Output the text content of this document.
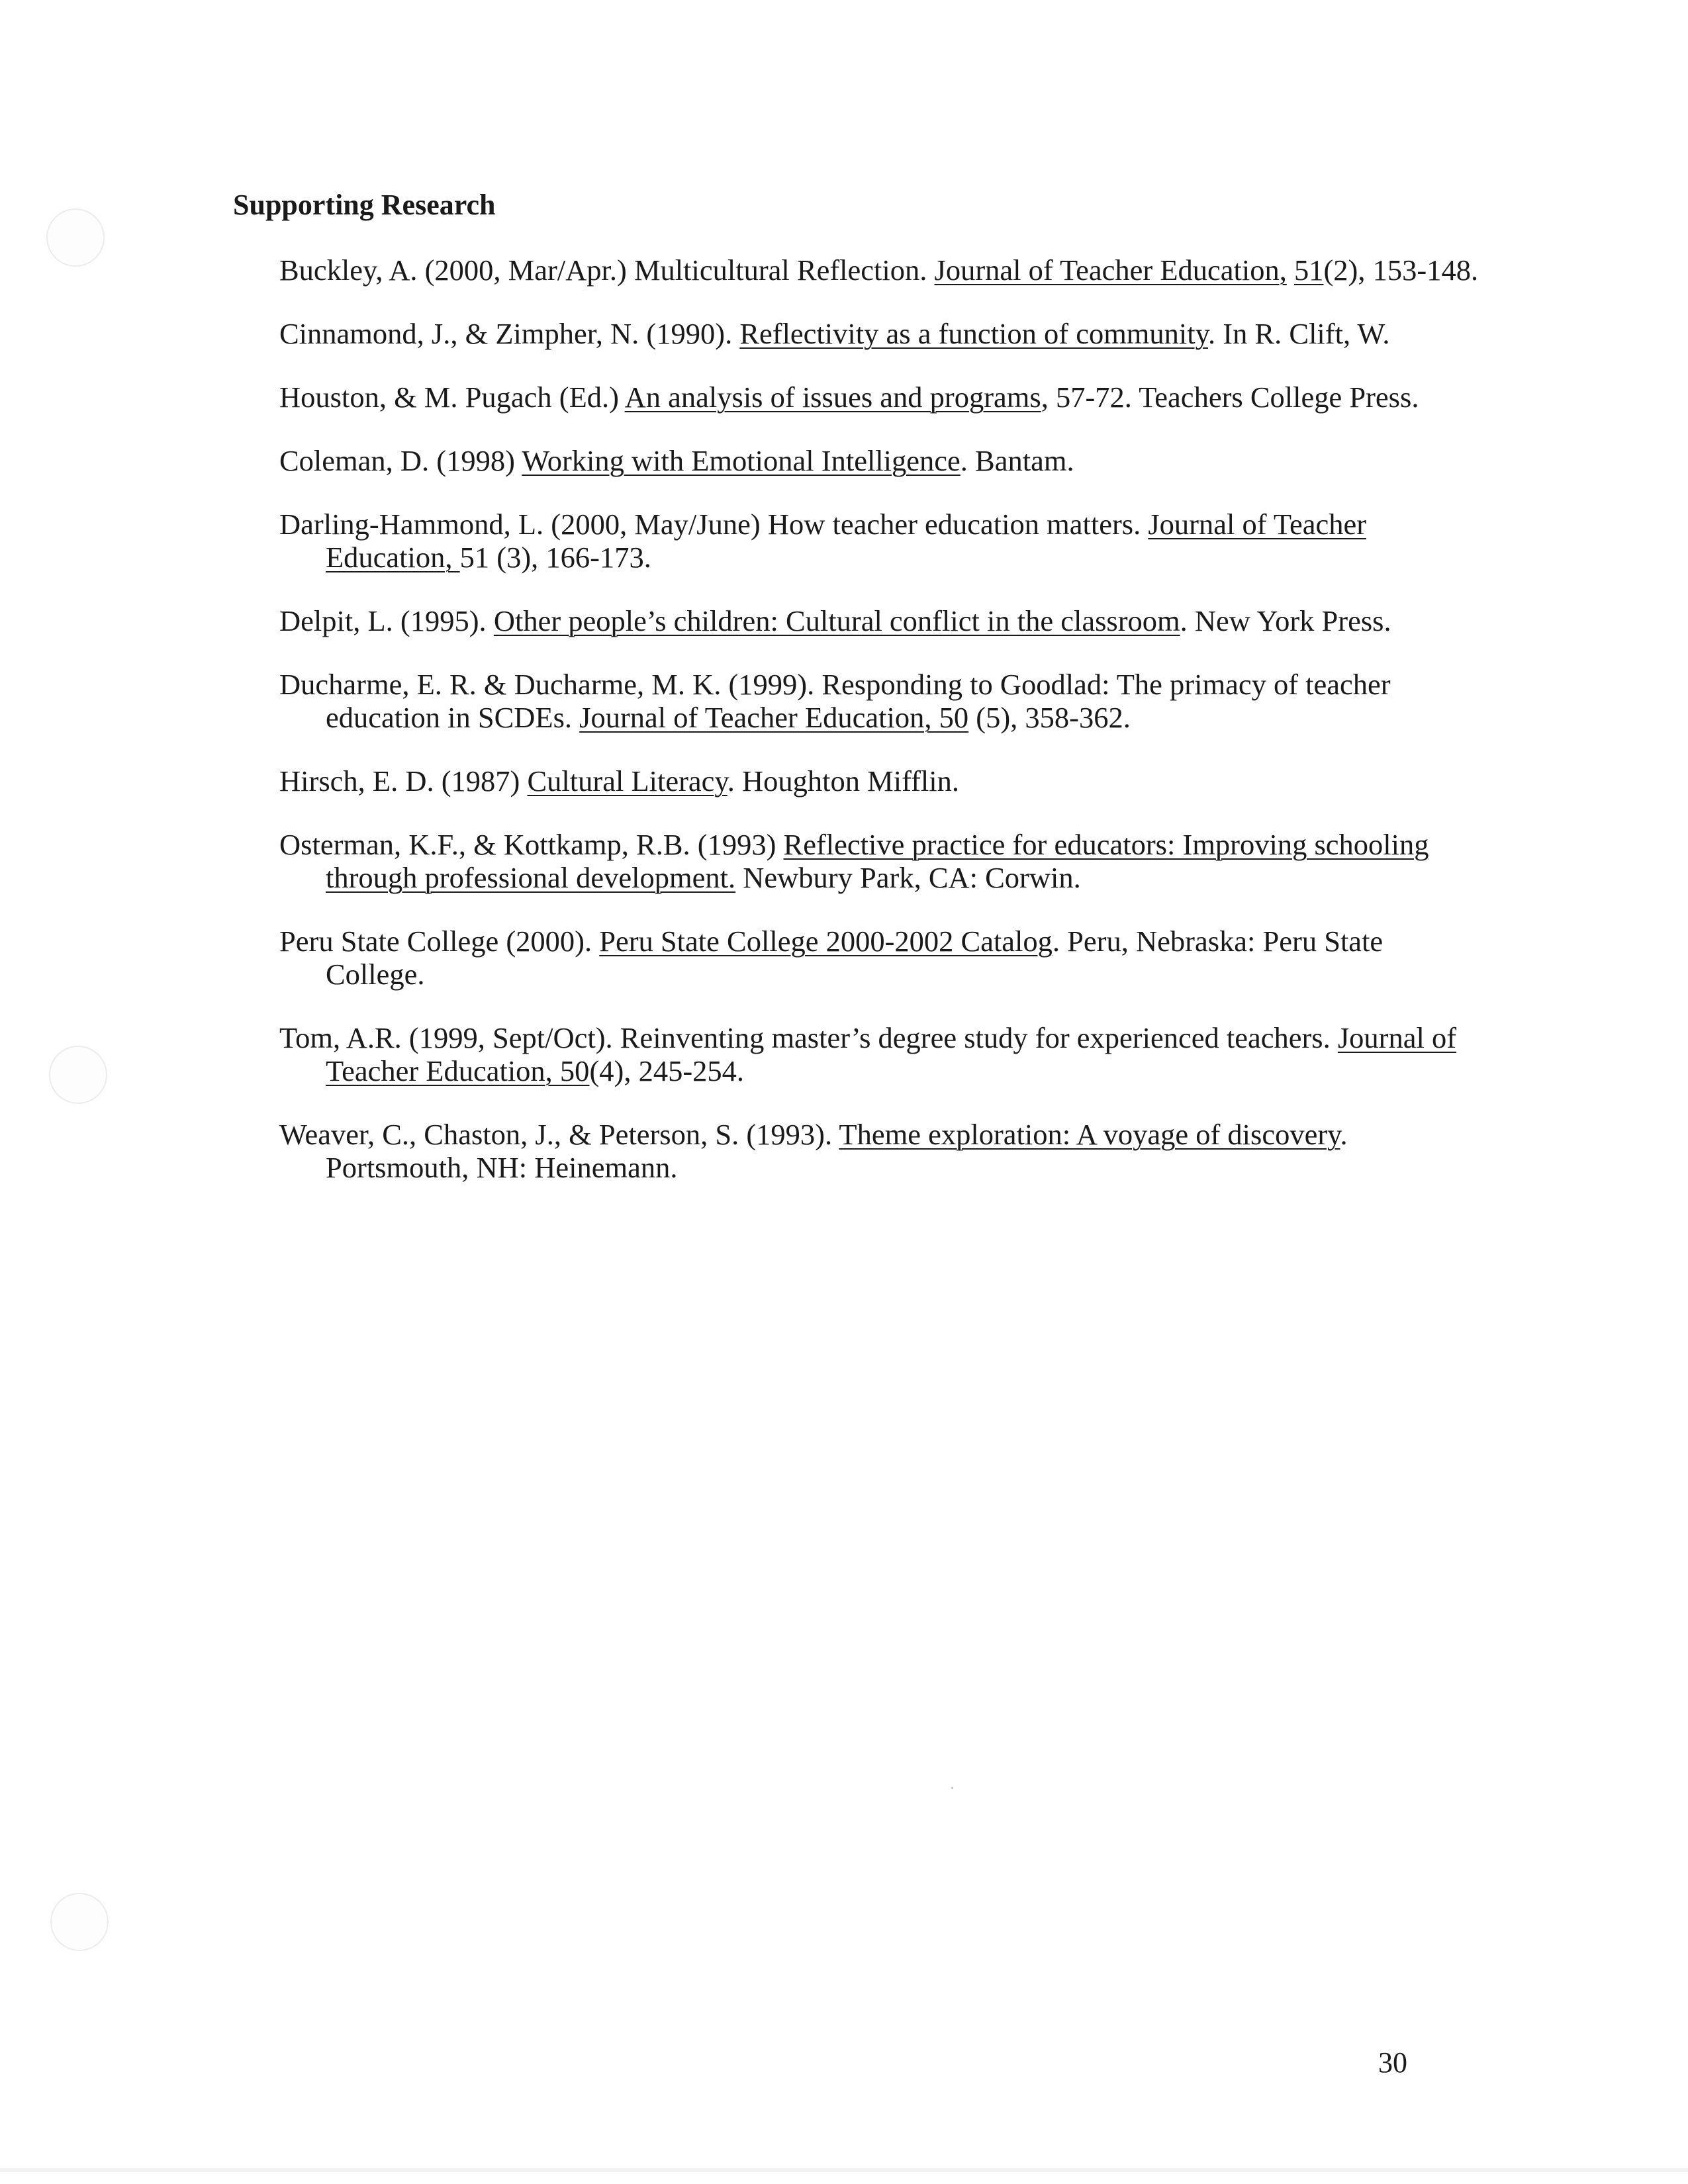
Supporting Research
Buckley, A. (2000, Mar/Apr.) Multicultural Reflection. Journal of Teacher Education, 51(2), 153-148.
Cinnamond, J., & Zimpher, N. (1990). Reflectivity as a function of community. In R. Clift, W.
Houston, & M. Pugach (Ed.) An analysis of issues and programs, 57-72. Teachers College Press.
Coleman, D. (1998) Working with Emotional Intelligence. Bantam.
Darling-Hammond, L. (2000, May/June) How teacher education matters. Journal of Teacher Education, 51 (3), 166-173.
Delpit, L. (1995). Other people’s children: Cultural conflict in the classroom. New York Press.
Ducharme, E. R. & Ducharme, M. K. (1999). Responding to Goodlad: The primacy of teacher education in SCDEs. Journal of Teacher Education, 50 (5), 358-362.
Hirsch, E. D. (1987) Cultural Literacy. Houghton Mifflin.
Osterman, K.F., & Kottkamp, R.B. (1993) Reflective practice for educators: Improving schooling through professional development. Newbury Park, CA: Corwin.
Peru State College (2000). Peru State College 2000-2002 Catalog. Peru, Nebraska: Peru State College.
Tom, A.R. (1999, Sept/Oct). Reinventing master’s degree study for experienced teachers. Journal of Teacher Education, 50(4), 245-254.
Weaver, C., Chaston, J., & Peterson, S. (1993). Theme exploration: A voyage of discovery. Portsmouth, NH: Heinemann.

30
